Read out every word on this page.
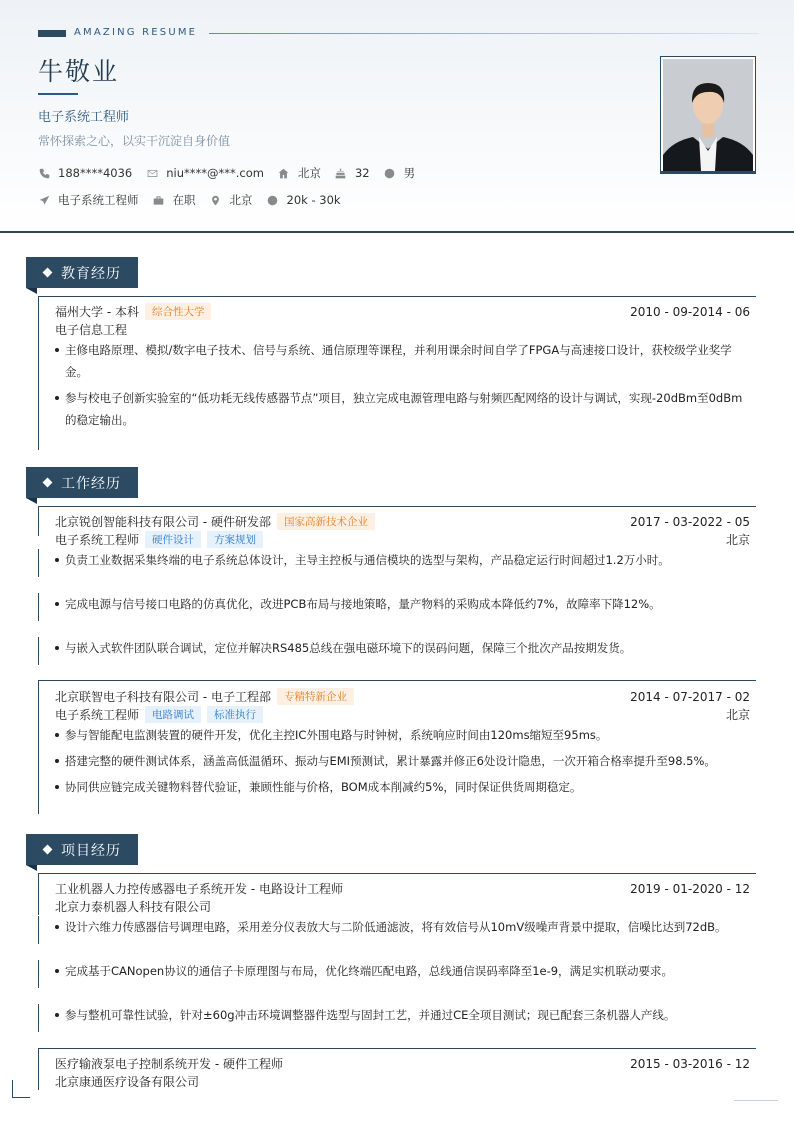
AMAZING RESUME
牛敬业
电子系统工程师
常怀探索之心，以实干沉淀自身价值
188****4036	niu****@***.com	北京	32	男
电子系统工程师	在职	北京	20k - 30k
教育经历
福州大学 - 本科	综合性大学	2010 - 09-2014 - 06
电子信息工程
主修电路原理、模拟/数字电子技术、信号与系统、通信原理等课程，并利用课余时间自学了FPGA与高速接口设计，获校级学业奖学金。
参与校电子创新实验室的“低功耗无线传感器节点”项目，独立完成电源管理电路与射频匹配网络的设计与调试，实现-20dBm至0dBm的稳定输出。
工作经历
北京锐创智能科技有限公司 - 硬件研发部	国家高新技术企业	2017 - 03-2022 - 05
电子系统工程师	硬件设计	方案规划	北京
负责工业数据采集终端的电子系统总体设计，主导主控板与通信模块的选型与架构，产品稳定运行时间超过1.2万小时。
完成电源与信号接口电路的仿真优化，改进PCB布局与接地策略，量产物料的采购成本降低约7%，故障率下降12%。
与嵌入式软件团队联合调试，定位并解决RS485总线在强电磁环境下的误码问题，保障三个批次产品按期发货。
北京联智电子科技有限公司 - 电子工程部	专精特新企业	2014 - 07-2017 - 02
电子系统工程师	电路调试	标准执行	北京
参与智能配电监测装置的硬件开发，优化主控IC外围电路与时钟树，系统响应时间由120ms缩短至95ms。
搭建完整的硬件测试体系，涵盖高低温循环、振动与EMI预测试，累计暴露并修正6处设计隐患，一次开箱合格率提升至98.5%。
协同供应链完成关键物料替代验证，兼顾性能与价格，BOM成本削减约5%，同时保证供货周期稳定。
项目经历
工业机器人力控传感器电子系统开发 - 电路设计工程师	2019 - 01-2020 - 12
北京力泰机器人科技有限公司
设计六维力传感器信号调理电路，采用差分仪表放大与二阶低通滤波，将有效信号从10mV级噪声背景中提取，信噪比达到72dB。
完成基于CANopen协议的通信子卡原理图与布局，优化终端匹配电路，总线通信误码率降至1e-9，满足实机联动要求。
参与整机可靠性试验，针对±60g冲击环境调整器件选型与固封工艺，并通过CE全项目测试；现已配套三条机器人产线。
医疗输液泵电子控制系统开发 - 硬件工程师	2015 - 03-2016 - 12
北京康通医疗设备有限公司
